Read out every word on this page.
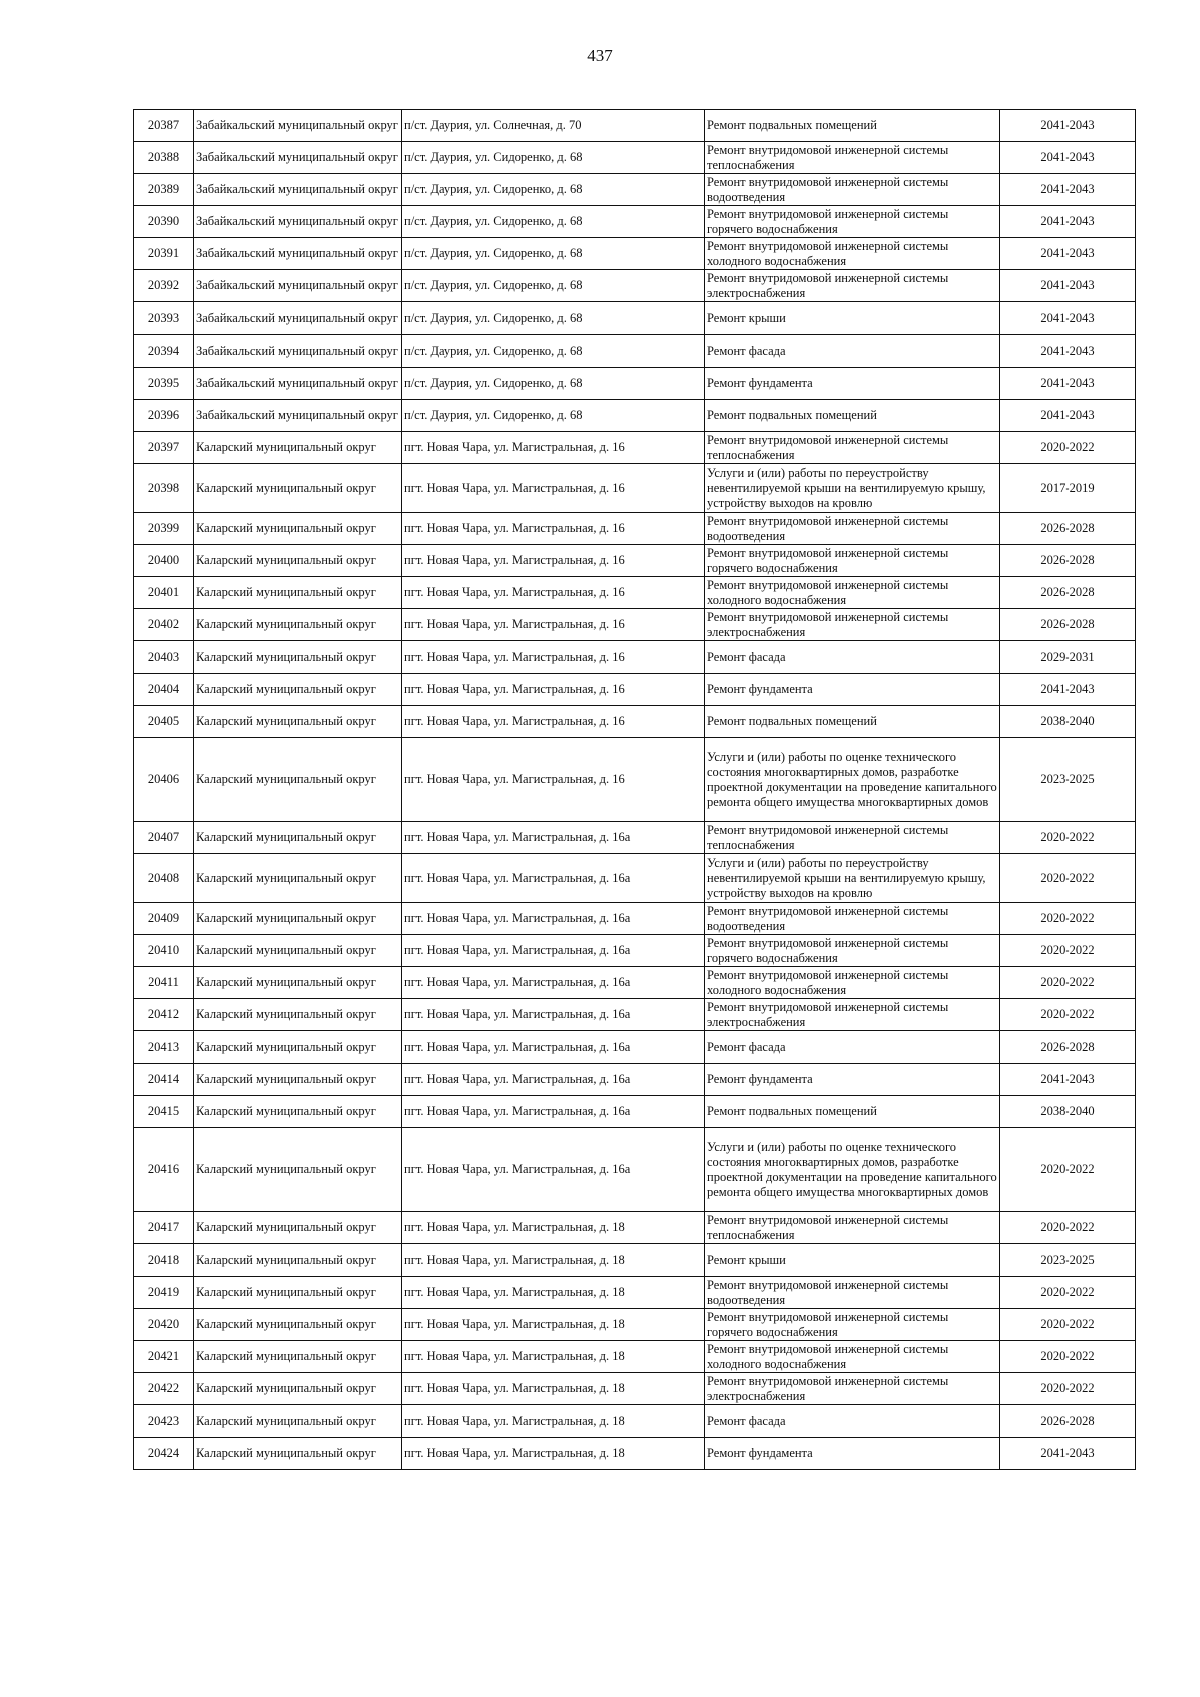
437
20387	Забайкальский муниципальный округ	п/ст. Даурия, ул. Солнечная, д. 70	Ремонт подвальных помещений	2041-2043
20388	Забайкальский муниципальный округ	п/ст. Даурия, ул. Сидоренко, д. 68	Ремонт внутридомовой инженерной системы теплоснабжения	2041-2043
20389	Забайкальский муниципальный округ	п/ст. Даурия, ул. Сидоренко, д. 68	Ремонт внутридомовой инженерной системы водоотведения	2041-2043
20390	Забайкальский муниципальный округ	п/ст. Даурия, ул. Сидоренко, д. 68	Ремонт внутридомовой инженерной системы горячего водоснабжения	2041-2043
20391	Забайкальский муниципальный округ	п/ст. Даурия, ул. Сидоренко, д. 68	Ремонт внутридомовой инженерной системы холодного водоснабжения	2041-2043
20392	Забайкальский муниципальный округ	п/ст. Даурия, ул. Сидоренко, д. 68	Ремонт внутридомовой инженерной системы электроснабжения	2041-2043
20393	Забайкальский муниципальный округ	п/ст. Даурия, ул. Сидоренко, д. 68	Ремонт крыши	2041-2043
20394	Забайкальский муниципальный округ	п/ст. Даурия, ул. Сидоренко, д. 68	Ремонт фасада	2041-2043
20395	Забайкальский муниципальный округ	п/ст. Даурия, ул. Сидоренко, д. 68	Ремонт фундамента	2041-2043
20396	Забайкальский муниципальный округ	п/ст. Даурия, ул. Сидоренко, д. 68	Ремонт подвальных помещений	2041-2043
20397	Каларский муниципальный округ	пгт. Новая Чара, ул. Магистральная, д. 16	Ремонт внутридомовой инженерной системы теплоснабжения	2020-2022
20398	Каларский муниципальный округ	пгт. Новая Чара, ул. Магистральная, д. 16	Услуги и (или) работы по переустройству невентилируемой крыши на вентилируемую крышу, устройству выходов на кровлю	2017-2019
20399	Каларский муниципальный округ	пгт. Новая Чара, ул. Магистральная, д. 16	Ремонт внутридомовой инженерной системы водоотведения	2026-2028
20400	Каларский муниципальный округ	пгт. Новая Чара, ул. Магистральная, д. 16	Ремонт внутридомовой инженерной системы горячего водоснабжения	2026-2028
20401	Каларский муниципальный округ	пгт. Новая Чара, ул. Магистральная, д. 16	Ремонт внутридомовой инженерной системы холодного водоснабжения	2026-2028
20402	Каларский муниципальный округ	пгт. Новая Чара, ул. Магистральная, д. 16	Ремонт внутридомовой инженерной системы электроснабжения	2026-2028
20403	Каларский муниципальный округ	пгт. Новая Чара, ул. Магистральная, д. 16	Ремонт фасада	2029-2031
20404	Каларский муниципальный округ	пгт. Новая Чара, ул. Магистральная, д. 16	Ремонт фундамента	2041-2043
20405	Каларский муниципальный округ	пгт. Новая Чара, ул. Магистральная, д. 16	Ремонт подвальных помещений	2038-2040
20406	Каларский муниципальный округ	пгт. Новая Чара, ул. Магистральная, д. 16	Услуги и (или) работы по оценке технического состояния многоквартирных домов, разработке проектной документации на проведение капитального ремонта общего имущества многоквартирных домов	2023-2025
20407	Каларский муниципальный округ	пгт. Новая Чара, ул. Магистральная, д. 16а	Ремонт внутридомовой инженерной системы теплоснабжения	2020-2022
20408	Каларский муниципальный округ	пгт. Новая Чара, ул. Магистральная, д. 16а	Услуги и (или) работы по переустройству невентилируемой крыши на вентилируемую крышу, устройству выходов на кровлю	2020-2022
20409	Каларский муниципальный округ	пгт. Новая Чара, ул. Магистральная, д. 16а	Ремонт внутридомовой инженерной системы водоотведения	2020-2022
20410	Каларский муниципальный округ	пгт. Новая Чара, ул. Магистральная, д. 16а	Ремонт внутридомовой инженерной системы горячего водоснабжения	2020-2022
20411	Каларский муниципальный округ	пгт. Новая Чара, ул. Магистральная, д. 16а	Ремонт внутридомовой инженерной системы холодного водоснабжения	2020-2022
20412	Каларский муниципальный округ	пгт. Новая Чара, ул. Магистральная, д. 16а	Ремонт внутридомовой инженерной системы электроснабжения	2020-2022
20413	Каларский муниципальный округ	пгт. Новая Чара, ул. Магистральная, д. 16а	Ремонт фасада	2026-2028
20414	Каларский муниципальный округ	пгт. Новая Чара, ул. Магистральная, д. 16а	Ремонт фундамента	2041-2043
20415	Каларский муниципальный округ	пгт. Новая Чара, ул. Магистральная, д. 16а	Ремонт подвальных помещений	2038-2040
20416	Каларский муниципальный округ	пгт. Новая Чара, ул. Магистральная, д. 16а	Услуги и (или) работы по оценке технического состояния многоквартирных домов, разработке проектной документации на проведение капитального ремонта общего имущества многоквартирных домов	2020-2022
20417	Каларский муниципальный округ	пгт. Новая Чара, ул. Магистральная, д. 18	Ремонт внутридомовой инженерной системы теплоснабжения	2020-2022
20418	Каларский муниципальный округ	пгт. Новая Чара, ул. Магистральная, д. 18	Ремонт крыши	2023-2025
20419	Каларский муниципальный округ	пгт. Новая Чара, ул. Магистральная, д. 18	Ремонт внутридомовой инженерной системы водоотведения	2020-2022
20420	Каларский муниципальный округ	пгт. Новая Чара, ул. Магистральная, д. 18	Ремонт внутридомовой инженерной системы горячего водоснабжения	2020-2022
20421	Каларский муниципальный округ	пгт. Новая Чара, ул. Магистральная, д. 18	Ремонт внутридомовой инженерной системы холодного водоснабжения	2020-2022
20422	Каларский муниципальный округ	пгт. Новая Чара, ул. Магистральная, д. 18	Ремонт внутридомовой инженерной системы электроснабжения	2020-2022
20423	Каларский муниципальный округ	пгт. Новая Чара, ул. Магистральная, д. 18	Ремонт фасада	2026-2028
20424	Каларский муниципальный округ	пгт. Новая Чара, ул. Магистральная, д. 18	Ремонт фундамента	2041-2043
